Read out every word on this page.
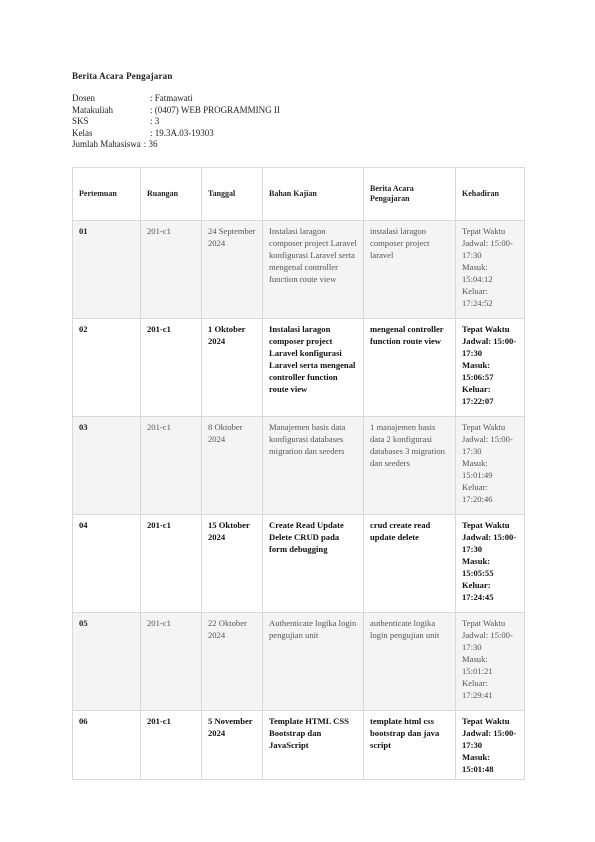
Berita Acara Pengajaran
Dosen	: Fatmawati
Matakuliah	: (0407) WEB PROGRAMMING II
SKS	: 3
Kelas	: 19.3A.03-19303
Jumlah Mahasiswa : 36
Pertemuan	Ruangan	Tanggal	Bahan Kajian	Berita Acara Pengajaran	Kehadiran
01	201-c1	24 September 2024	Instalasi laragon composer project Laravel konfigurasi Laravel serta mengenal controller function route view	instalasi laragon composer project laravel	Tepat Waktu
Jadwal: 15:00-17:30
Masuk: 15:04:12
Keluar: 17:24:52

02	201-c1	1 Oktober 2024	Instalasi laragon composer project Laravel konfigurasi Laravel serta mengenal controller function route view	mengenal controller function route view	Tepat Waktu
Jadwal: 15:00-17:30
Masuk: 15:06:57
Keluar: 17:22:07

03	201-c1	8 Oktober 2024	Manajemen basis data konfigurasi databases migration dan seeders	1 manajemen basis data 2 konfigurasi databases 3 migration dan seeders	Tepat Waktu
Jadwal: 15:00-17:30
Masuk: 15:01:49
Keluar: 17:20:46

04	201-c1	15 Oktober 2024	Create Read Update Delete CRUD pada form debugging	crud create read update delete	Tepat Waktu
Jadwal: 15:00-17:30
Masuk: 15:05:55
Keluar: 17:24:45

05	201-c1	22 Oktober 2024	Authenticate logika login pengujian unit	authenticate logika login pengujian unit	Tepat Waktu
Jadwal: 15:00-17:30
Masuk: 15:01:21
Keluar: 17:29:41

06	201-c1	5 November 2024	Template HTML CSS Bootstrap dan JavaScript	template html css bootstrap dan java script	Tepat Waktu
Jadwal: 15:00-17:30
Masuk: 15:01:48
